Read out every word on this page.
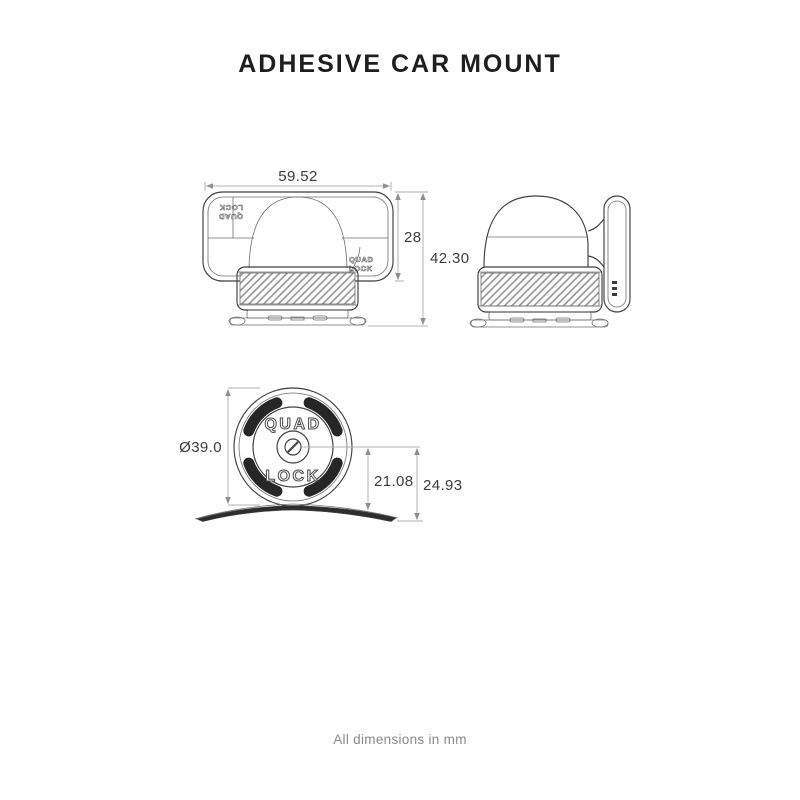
ADHESIVE CAR MOUNT
QUAD
LOCK
QUAD
LOCK
QUAD
LOCK
59.52
28
42.30
Ø39.0
21.08 24.93
All dimensions in mm
